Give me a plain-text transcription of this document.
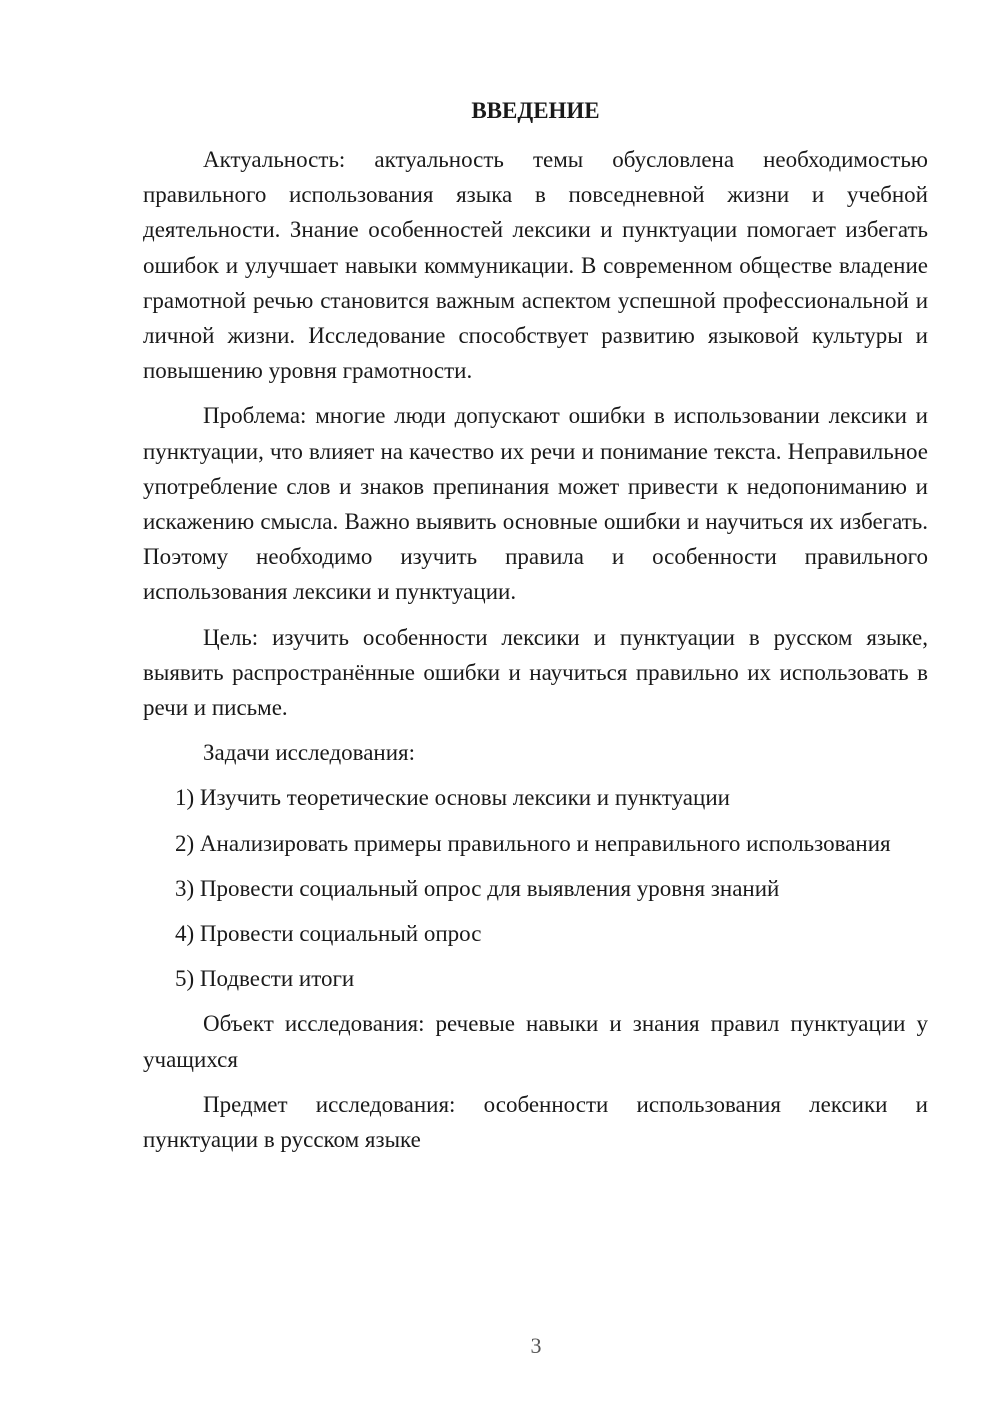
ВВЕДЕНИЕ

Актуальность: актуальность темы обусловлена необходимостью правильного использования языка в повседневной жизни и учебной деятельности. Знание особенностей лексики и пунктуации помогает избегать ошибок и улучшает навыки коммуникации. В современном обществе владение грамотной речью становится важным аспектом успешной профессиональной и личной жизни. Исследование способствует развитию языковой культуры и повышению уровня грамотности.

Проблема: многие люди допускают ошибки в использовании лексики и пунктуации, что влияет на качество их речи и понимание текста. Неправильное употребление слов и знаков препинания может привести к недопониманию и искажению смысла. Важно выявить основные ошибки и научиться их избегать. Поэтому необходимо изучить правила и особенности правильного использования лексики и пунктуации.

Цель: изучить особенности лексики и пунктуации в русском языке, выявить распространённые ошибки и научиться правильно их использовать в речи и письме.

Задачи исследования:

1) Изучить теоретические основы лексики и пунктуации

2) Анализировать примеры правильного и неправильного использования

3) Провести социальный опрос для выявления уровня знаний

4) Провести социальный опрос

5) Подвести итоги

Объект исследования: речевые навыки и знания правил пунктуации у учащихся

Предмет исследования: особенности использования лексики и пунктуации в русском языке

3
